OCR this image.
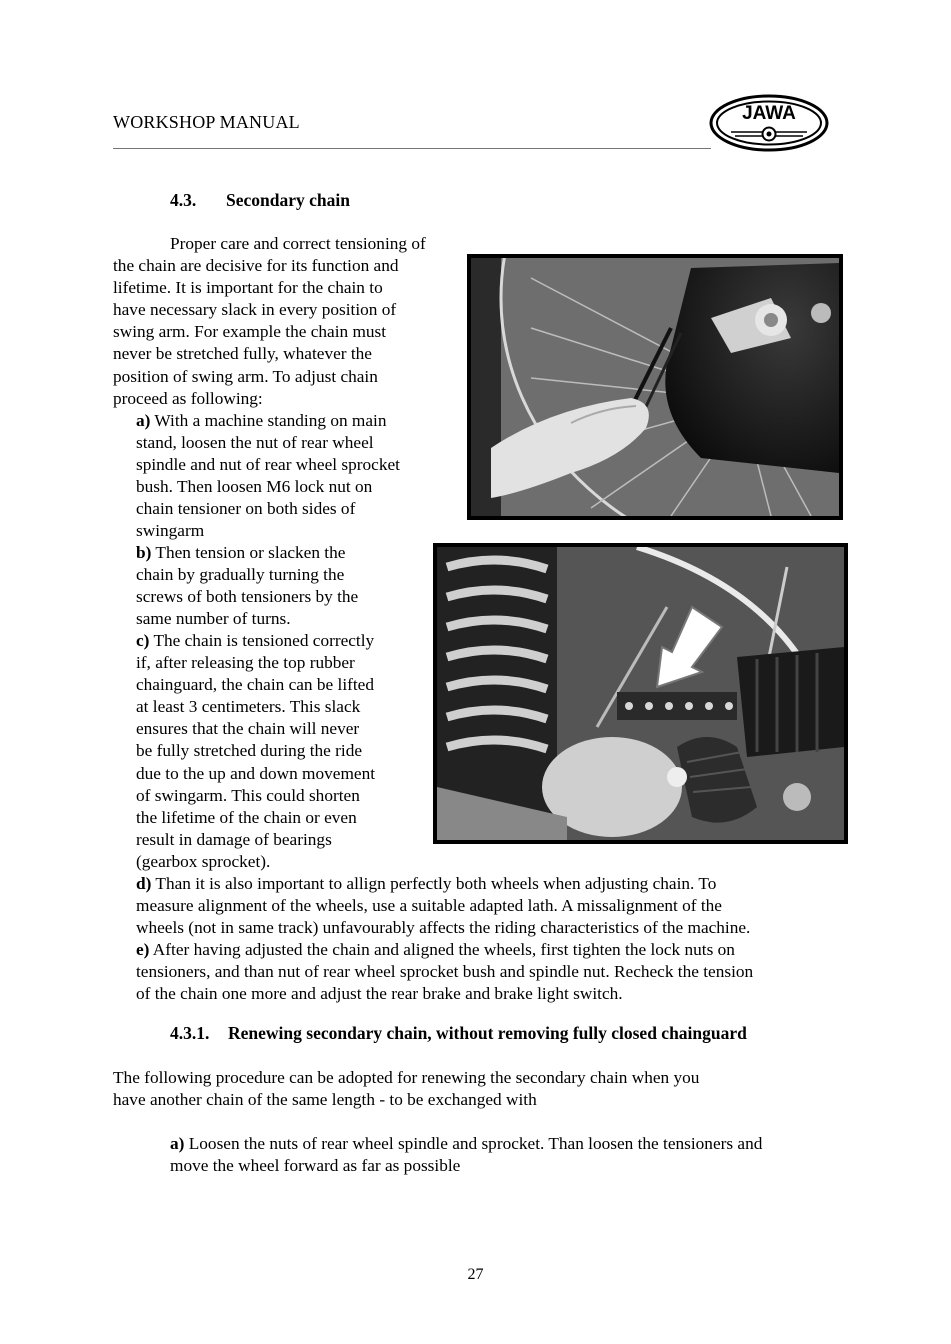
WORKSHOP MANUAL	JAWA
4.3. Secondary chain
Proper care and correct tensioning of
the chain are decisive for its function and
lifetime. It is important for the chain to
have necessary slack in every position of
swing arm. For example the chain must
never be stretched fully, whatever the
position of swing arm. To adjust chain
proceed as following:
a) With a machine standing on main
stand, loosen the nut of rear wheel
spindle and nut of rear wheel sprocket
bush. Then loosen M6 lock nut on
chain tensioner on both sides of
swingarm
b) Then tension or slacken the
chain by gradually turning the
screws of both tensioners by the
same number of turns.
c) The chain is tensioned correctly
if, after releasing the top rubber
chainguard, the chain can be lifted
at least 3 centimeters. This slack
ensures that the chain will never
be fully stretched during the ride
due to the up and down movement
of swingarm. This could shorten
the lifetime of the chain or even
result in damage of bearings
(gearbox sprocket).
d) Than it is also important to allign perfectly both wheels when adjusting chain. To
measure alignment of the wheels, use a suitable adapted lath. A missalignment of the
wheels (not in same track) unfavourably affects the riding characteristics of the machine.
e) After having adjusted the chain and aligned the wheels, first tighten the lock nuts on
tensioners, and than nut of rear wheel sprocket bush and spindle nut. Recheck the tension
of the chain one more and adjust the rear brake and brake light switch.
4.3.1. Renewing secondary chain, without removing fully closed chainguard
The following procedure can be adopted for renewing the secondary chain when you
have another chain of the same length - to be exchanged with
a) Loosen the nuts of rear wheel spindle and sprocket. Than loosen the tensioners and
move the wheel forward as far as possible
27
